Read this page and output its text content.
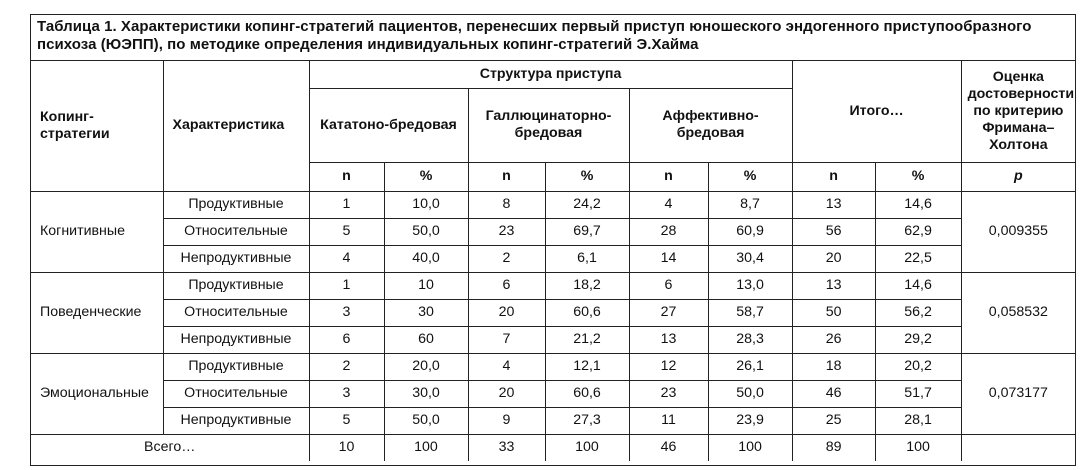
Таблица 1. Характеристики копинг-стратегий пациентов, перенесших первый приступ юношеского эндогенного приступообразного психоза (ЮЭПП), по методике определения индивидуальных копинг-стратегий Э.Хайма
Копинг-стратегии	Характеристика	Структура приступа						Итого…		Оценка достоверности по критерию Фримана–Холтона
		Кататоно-бредовая		Галлюцинаторно-бредовая		Аффективно-бредовая				
		n	%	n	%	n	%	n	%	p
Когнитивные	Продуктивные	1	10,0	8	24,2	4	8,7	13	14,6	0,009355
	Относительные	5	50,0	23	69,7	28	60,9	56	62,9	
	Непродуктивные	4	40,0	2	6,1	14	30,4	20	22,5	
Поведенческие	Продуктивные	1	10	6	18,2	6	13,0	13	14,6	0,058532
	Относительные	3	30	20	60,6	27	58,7	50	56,2	
	Непродуктивные	6	60	7	21,2	13	28,3	26	29,2	
Эмоциональные	Продуктивные	2	20,0	4	12,1	12	26,1	18	20,2	0,073177
	Относительные	3	30,0	20	60,6	23	50,0	46	51,7	
	Непродуктивные	5	50,0	9	27,3	11	23,9	25	28,1	
Всего…		10	100	33	100	46	100	89	100	
